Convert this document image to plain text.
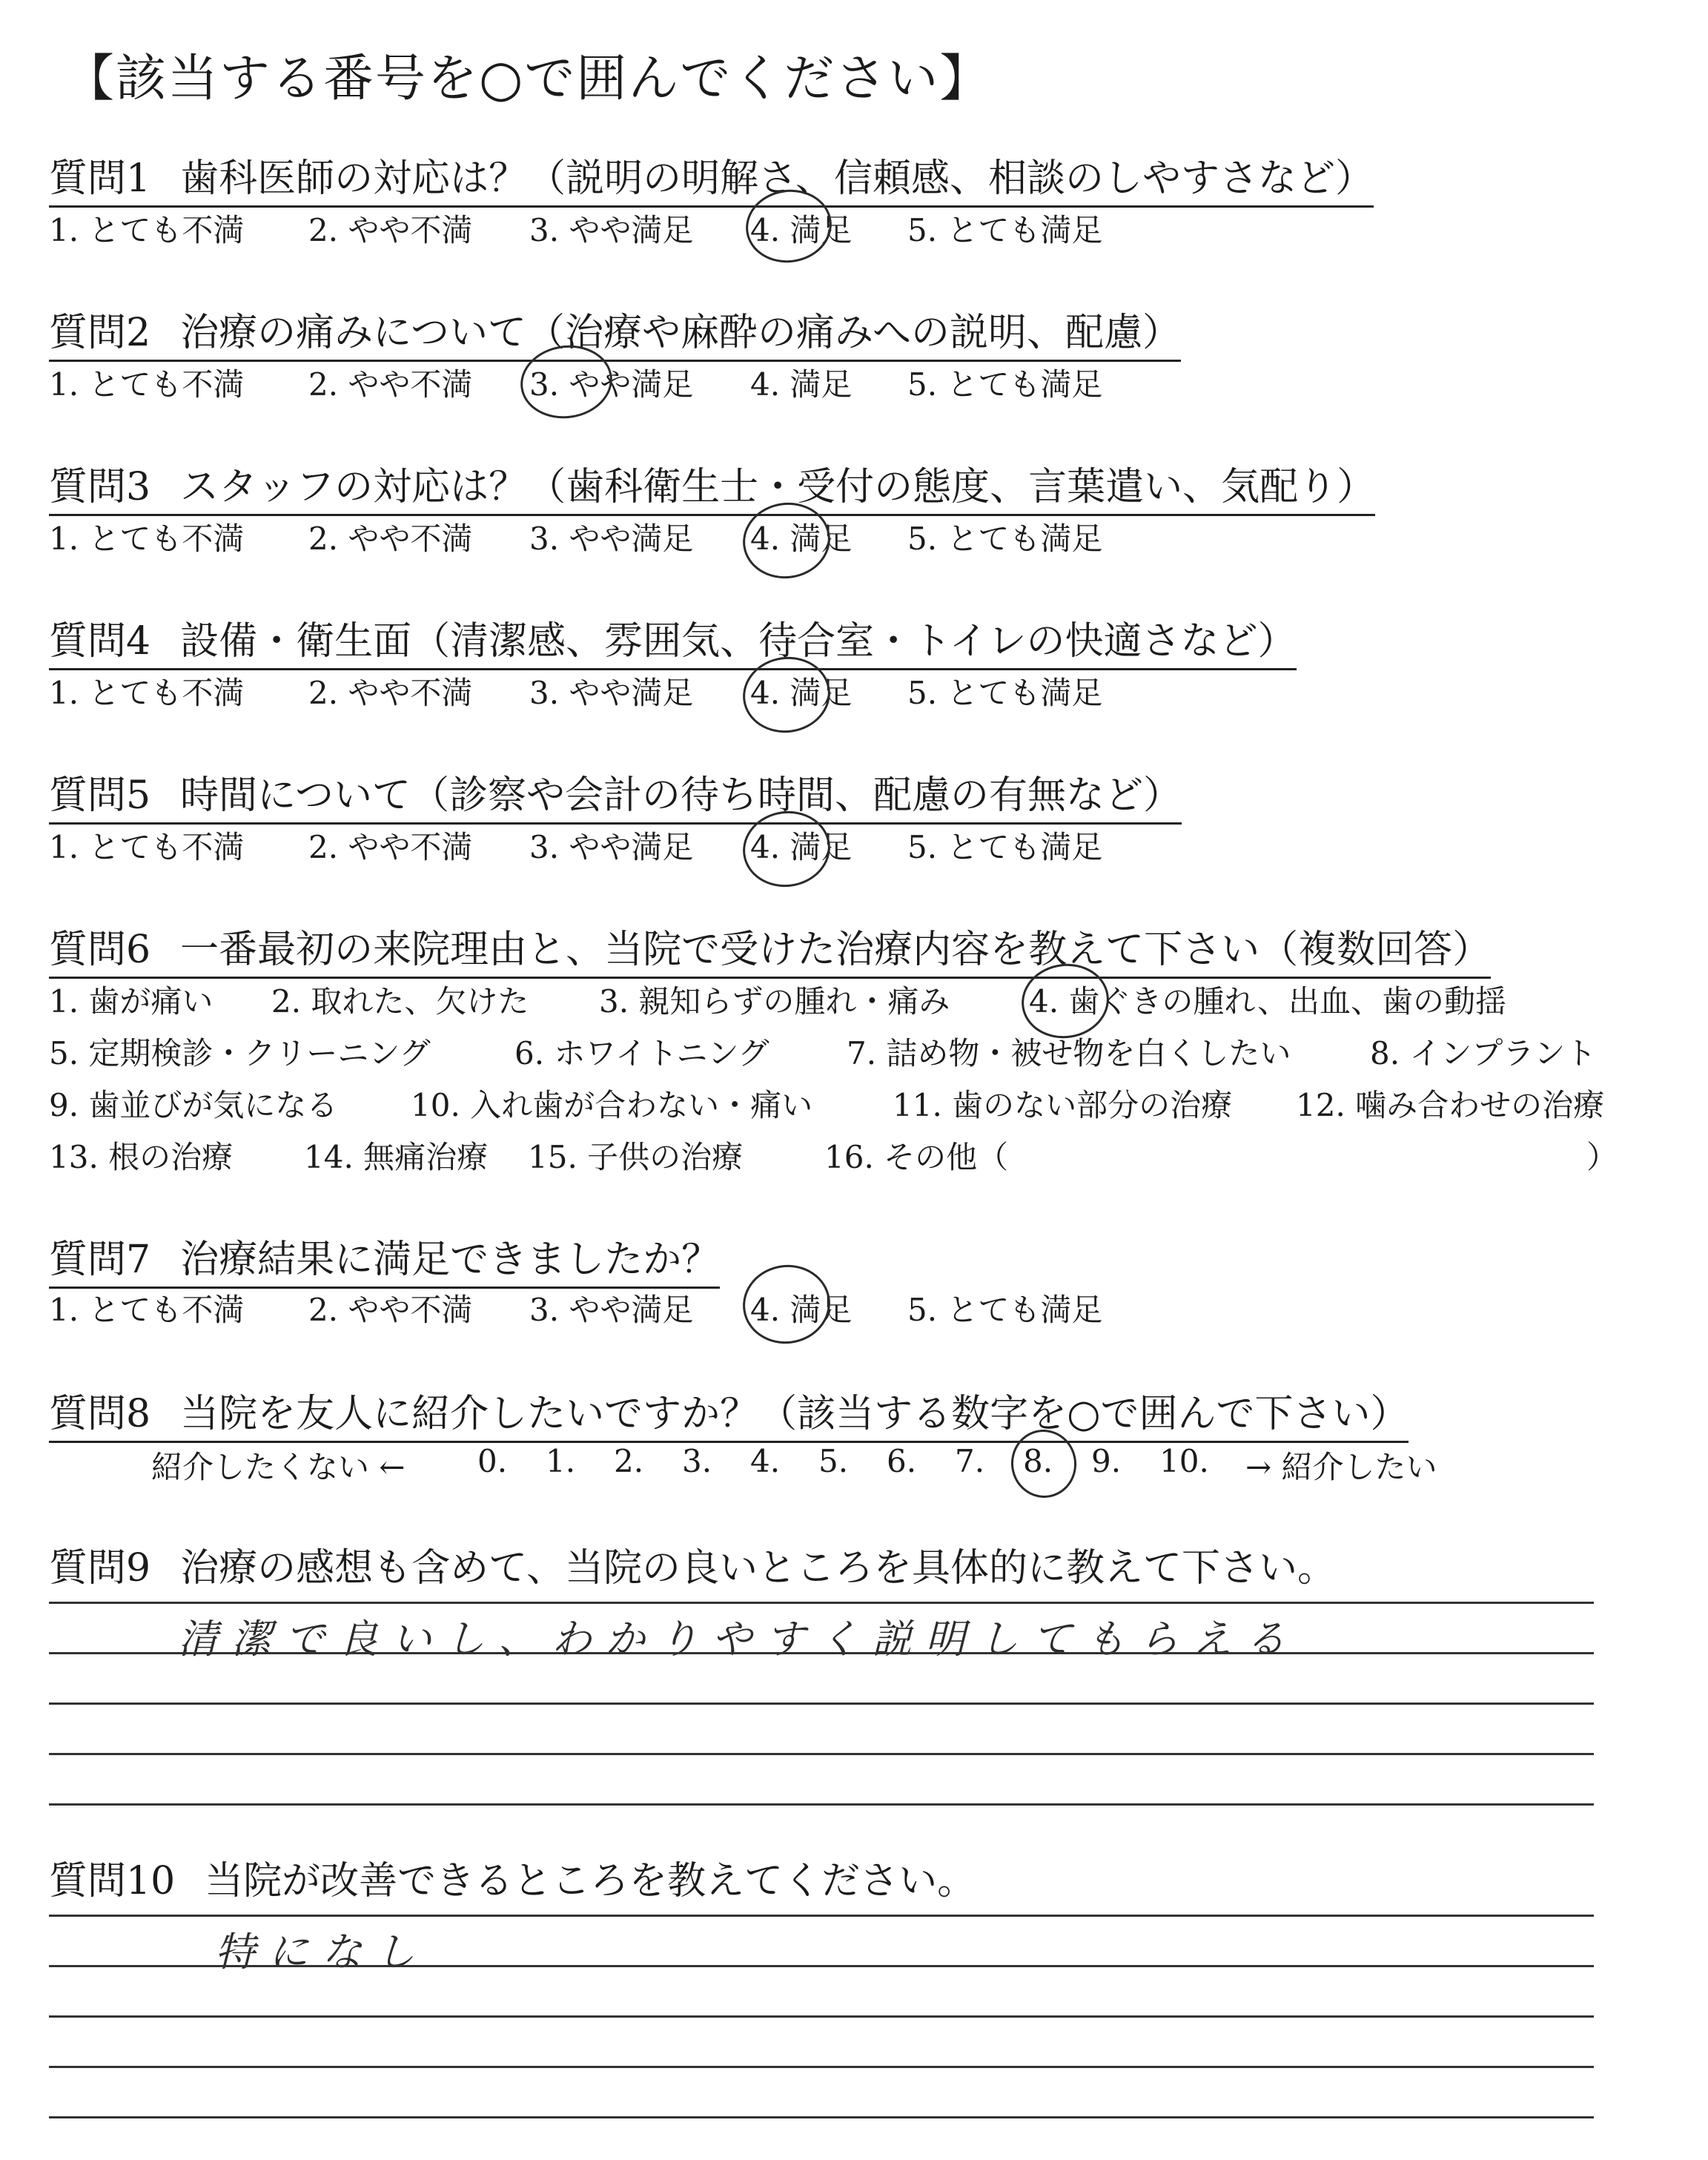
【該当する番号を○で囲んでください】
質問1 歯科医師の対応は？（説明の明解さ、信頼感、相談のしやすさなど）
1. とても不満 2. やや不満 3. やや満足 4. 満足 5. とても満足
質問2 治療の痛みについて（治療や麻酔の痛みへの説明、配慮）
1. とても不満 2. やや不満 3. やや満足 4. 満足 5. とても満足
質問3 スタッフの対応は？（歯科衛生士・受付の態度、言葉遣い、気配り）
1. とても不満 2. やや不満 3. やや満足 4. 満足 5. とても満足
質問4 設備・衛生面（清潔感、雰囲気、待合室・トイレの快適さなど）
1. とても不満 2. やや不満 3. やや満足 4. 満足 5. とても満足
質問5 時間について（診察や会計の待ち時間、配慮の有無など）
1. とても不満 2. やや不満 3. やや満足 4. 満足 5. とても満足
質問6 一番最初の来院理由と、当院で受けた治療内容を教えて下さい（複数回答）
1. 歯が痛い 2. 取れた、欠けた 3. 親知らずの腫れ・痛み	4. 歯ぐきの腫れ、出血、歯の動揺
5. 定期検診・クリーニング	6. ホワイトニング 7. 詰め物・被せ物を白くしたい	8. インプラント
9. 歯並びが気になる 10. 入れ歯が合わない・痛い	11. 歯のない部分の治療 12. 噛み合わせの治療
13. 根の治療 14. 無痛治療 15. 子供の治療	16. その他（	）
質問7 治療結果に満足できましたか？
1. とても不満 2. やや不満 3. やや満足 4. 満足 5. とても満足
質問8 当院を友人に紹介したいですか？（該当する数字を○で囲んで下さい）
紹介したくない ← 0. 1. 2. 3. 4. 5. 6. 7. 8. 9. 10. → 紹介したい
質問9 治療の感想も含めて、当院の良いところを具体的に教えて下さい。
清潔で良いし、わかりやすく説明してもらえる
質問10 当院が改善できるところを教えてください。
特になし
